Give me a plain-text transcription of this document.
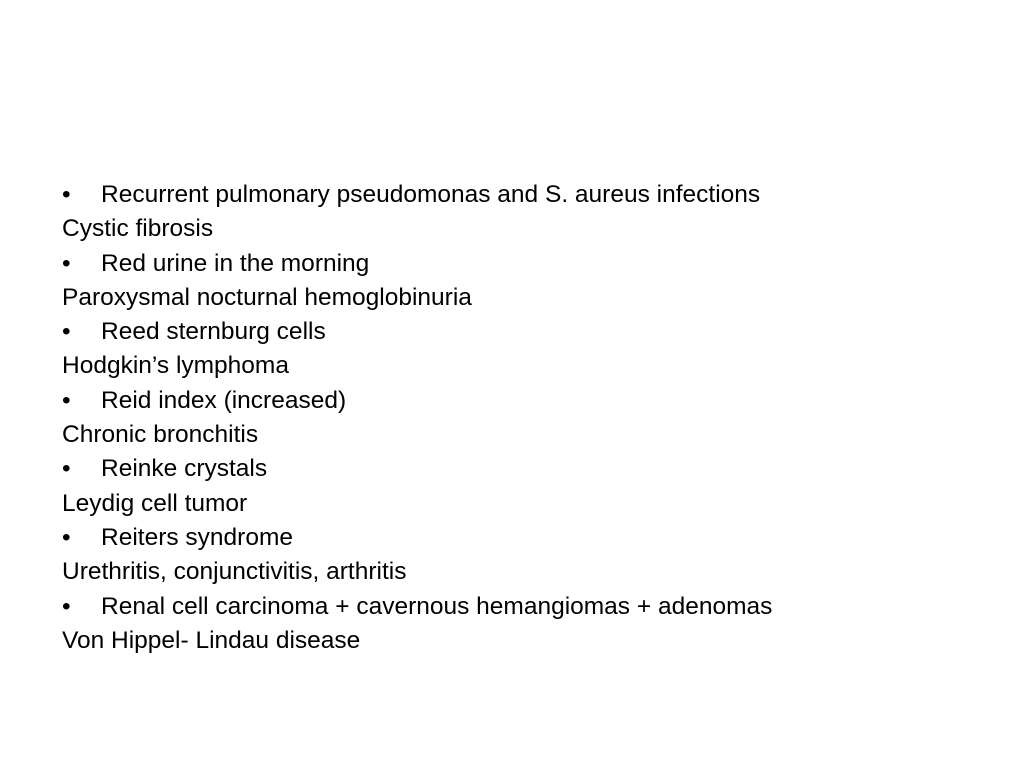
• Recurrent pulmonary pseudomonas and S. aureus infections
Cystic fibrosis
• Red urine in the morning
Paroxysmal nocturnal hemoglobinuria
• Reed sternburg cells
Hodgkin’s lymphoma
• Reid index (increased)
Chronic bronchitis
• Reinke crystals
Leydig cell tumor
• Reiters syndrome
Urethritis, conjunctivitis, arthritis
• Renal cell carcinoma + cavernous hemangiomas + adenomas
Von Hippel- Lindau disease
